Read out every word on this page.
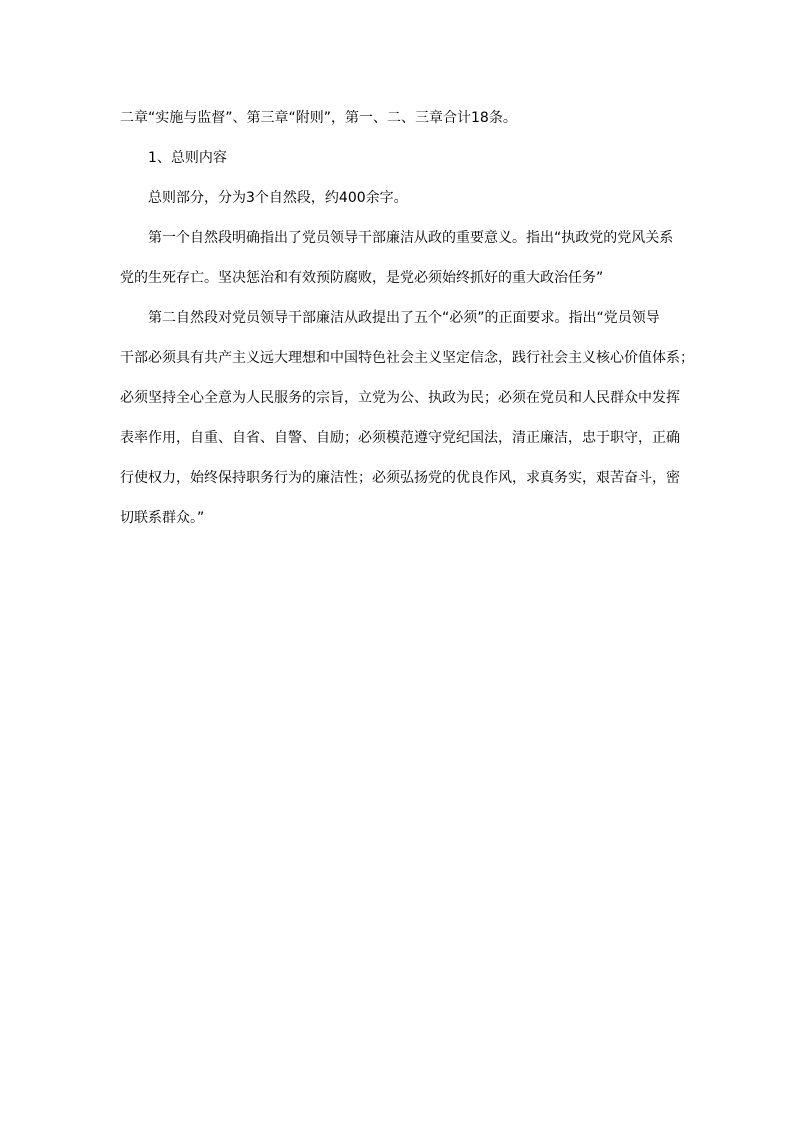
二章“实施与监督”、第三章“附则”，第一、二、三章合计18条。

1、总则内容

总则部分，分为3个自然段，约400余字。

第一个自然段明确指出了党员领导干部廉洁从政的重要意义。指出“执政党的党风关系
党的生死存亡。坚决惩治和有效预防腐败，是党必须始终抓好的重大政治任务”

第二自然段对党员领导干部廉洁从政提出了五个“必须”的正面要求。指出“党员领导
干部必须具有共产主义远大理想和中国特色社会主义坚定信念，践行社会主义核心价值体系；
必须坚持全心全意为人民服务的宗旨，立党为公、执政为民；必须在党员和人民群众中发挥
表率作用，自重、自省、自警、自励；必须模范遵守党纪国法，清正廉洁，忠于职守，正确
行使权力，始终保持职务行为的廉洁性；必须弘扬党的优良作风，求真务实，艰苦奋斗，密
切联系群众。”
